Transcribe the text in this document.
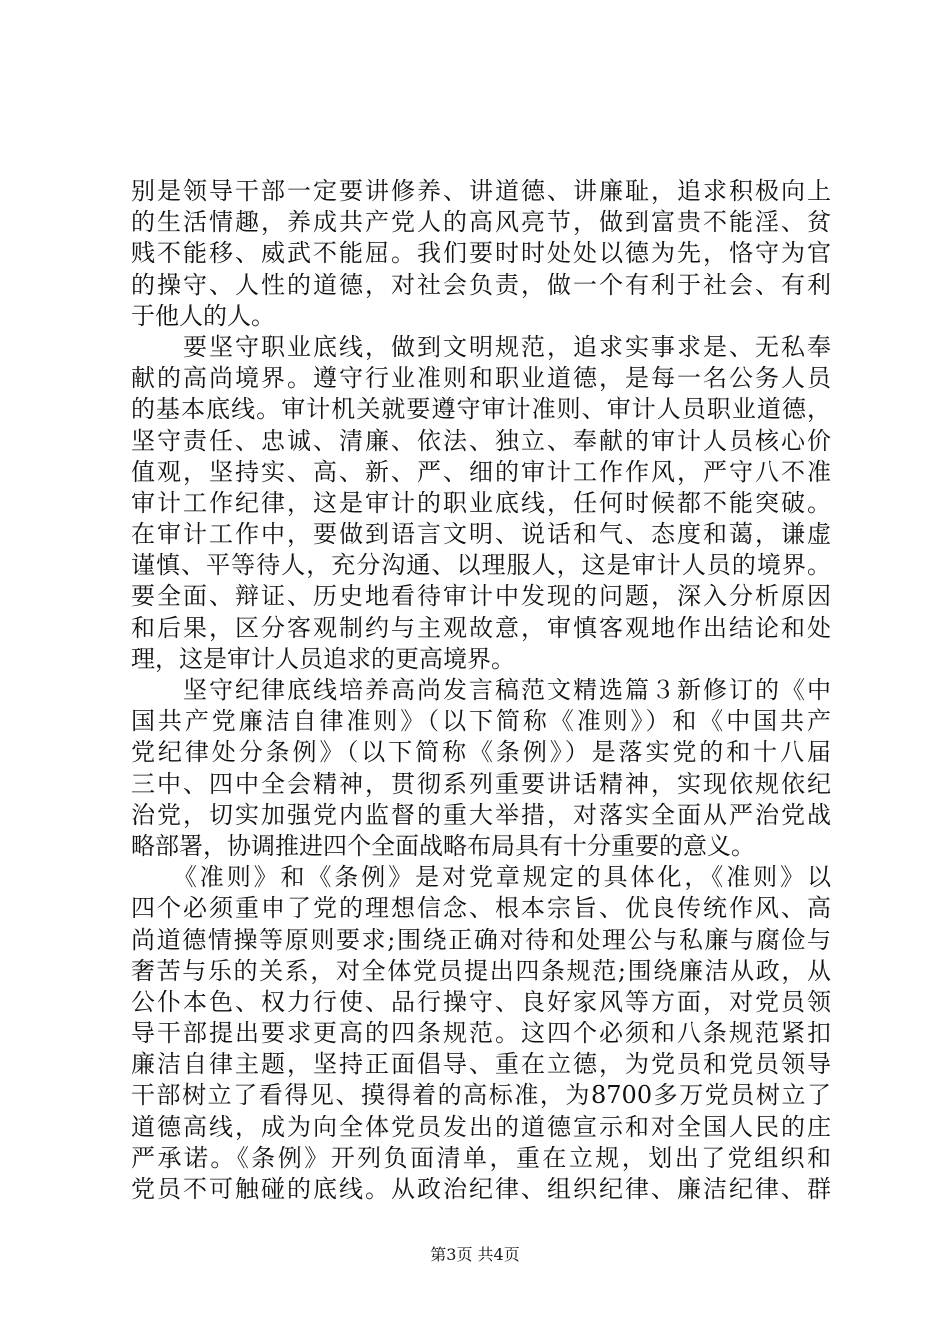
别是领导干部一定要讲修养、讲道德、讲廉耻，追求积极向上
的生活情趣，养成共产党人的高风亮节，做到富贵不能淫、贫
贱不能移、威武不能屈。我们要时时处处以德为先，恪守为官
的操守、人性的道德，对社会负责，做一个有利于社会、有利
于他人的人。
　　要坚守职业底线，做到文明规范，追求实事求是、无私奉
献的高尚境界。遵守行业准则和职业道德，是每一名公务人员
的基本底线。审计机关就要遵守审计准则、审计人员职业道德，
坚守责任、忠诚、清廉、依法、独立、奉献的审计人员核心价
值观，坚持实、高、新、严、细的审计工作作风，严守八不准
审计工作纪律，这是审计的职业底线，任何时候都不能突破。
在审计工作中，要做到语言文明、说话和气、态度和蔼，谦虚
谨慎、平等待人，充分沟通、以理服人，这是审计人员的境界。
要全面、辩证、历史地看待审计中发现的问题，深入分析原因
和后果，区分客观制约与主观故意，审慎客观地作出结论和处
理，这是审计人员追求的更高境界。
　　坚守纪律底线培养高尚发言稿范文精选篇３新修订的《中
国共产党廉洁自律准则》（以下简称《准则》）和《中国共产
党纪律处分条例》（以下简称《条例》）是落实党的和十八届
三中、四中全会精神，贯彻系列重要讲话精神，实现依规依纪
治党，切实加强党内监督的重大举措，对落实全面从严治党战
略部署，协调推进四个全面战略布局具有十分重要的意义。
　　《准则》和《条例》是对党章规定的具体化，《准则》以
四个必须重申了党的理想信念、根本宗旨、优良传统作风、高
尚道德情操等原则要求;围绕正确对待和处理公与私廉与腐俭与
奢苦与乐的关系，对全体党员提出四条规范;围绕廉洁从政，从
公仆本色、权力行使、品行操守、良好家风等方面，对党员领
导干部提出要求更高的四条规范。这四个必须和八条规范紧扣
廉洁自律主题，坚持正面倡导、重在立德，为党员和党员领导
干部树立了看得见、摸得着的高标准，为8700多万党员树立了
道德高线，成为向全体党员发出的道德宣示和对全国人民的庄
严承诺。《条例》开列负面清单，重在立规，划出了党组织和
党员不可触碰的底线。从政治纪律、组织纪律、廉洁纪律、群
第3页 共4页
